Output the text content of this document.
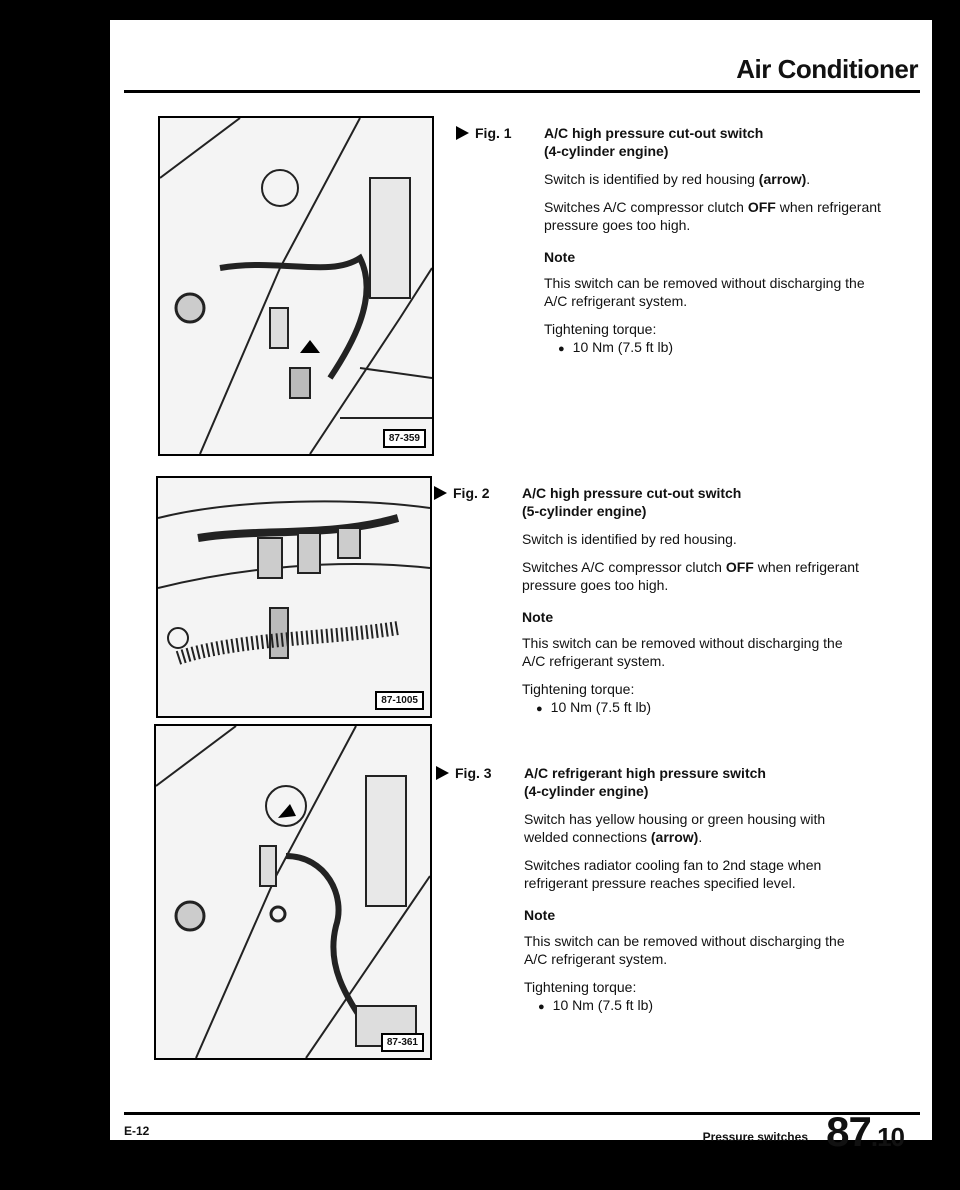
Air Conditioner
87-359
Fig. 1 A/C high pressure cut-out switch
(4-cylinder engine)

Switch is identified by red housing (arrow).

Switches A/C compressor clutch OFF when refrigerant pressure goes too high.

Note

This switch can be removed without discharging the A/C refrigerant system.

Tightening torque:
● 10 Nm (7.5 ft lb)
87-1005
Fig. 2 A/C high pressure cut-out switch
(5-cylinder engine)

Switch is identified by red housing.

Switches A/C compressor clutch OFF when refrigerant pressure goes too high.

Note

This switch can be removed without discharging the A/C refrigerant system.

Tightening torque:
● 10 Nm (7.5 ft lb)
87-361
Fig. 3 A/C refrigerant high pressure switch
(4-cylinder engine)

Switch has yellow housing or green housing with welded connections (arrow).

Switches radiator cooling fan to 2nd stage when refrigerant pressure reaches specified level.

Note

This switch can be removed without discharging the A/C refrigerant system.

Tightening torque:
● 10 Nm (7.5 ft lb)
E-12	Pressure switches 87.10
